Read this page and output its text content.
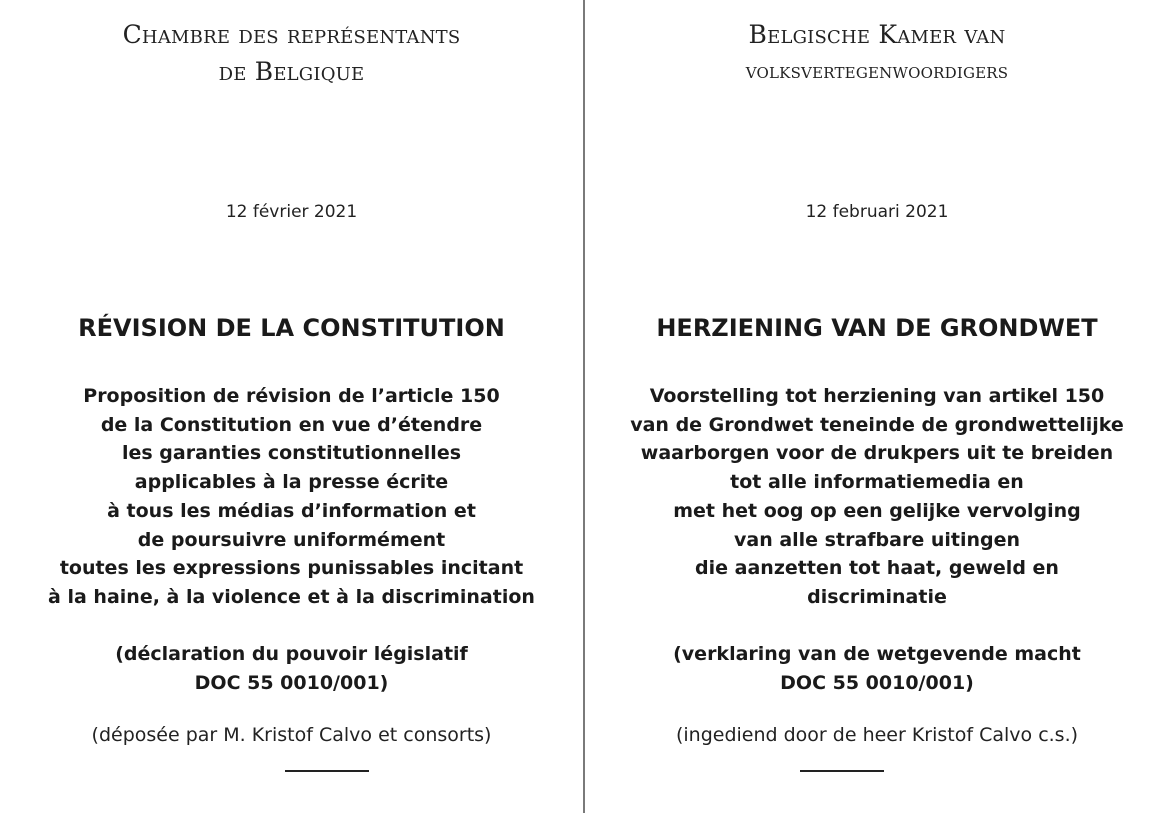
Chambre des représentants
de Belgique
12 février 2021
RÉVISION DE LA CONSTITUTION
Proposition de révision de l’article 150
de la Constitution en vue d’étendre
les garanties constitutionnelles
applicables à la presse écrite
à tous les médias d’information et
de poursuivre uniformément
toutes les expressions punissables incitant
à la haine, à la violence et à la discrimination
(déclaration du pouvoir législatif
DOC 55 0010/001)
(déposée par M. Kristof Calvo et consorts)
Belgische Kamer van
volksvertegenwoordigers
12 februari 2021
HERZIENING VAN DE GRONDWET
Voorstelling tot herziening van artikel 150
van de Grondwet teneinde de grondwettelijke
waarborgen voor de drukpers uit te breiden
tot alle informatiemedia en
met het oog op een gelijke vervolging
van alle strafbare uitingen
die aanzetten tot haat, geweld en
discriminatie
(verklaring van de wetgevende macht
DOC 55 0010/001)
(ingediend door de heer Kristof Calvo c.s.)
